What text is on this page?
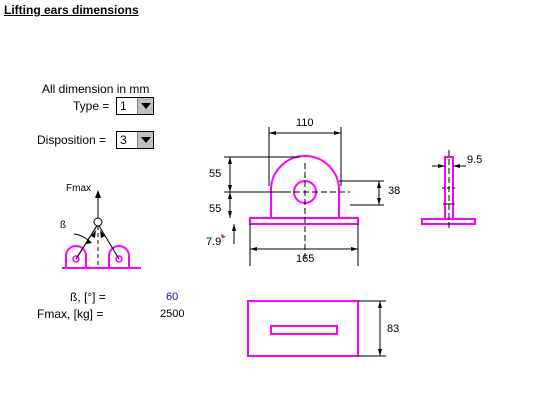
Lifting ears dimensions
All dimension in mm
Type = 1
Disposition = 3
Fmax
ß
ß, [°] =	60
Fmax, [kg] =	2500
110
55
55
38
7.9
165
9.5
83
